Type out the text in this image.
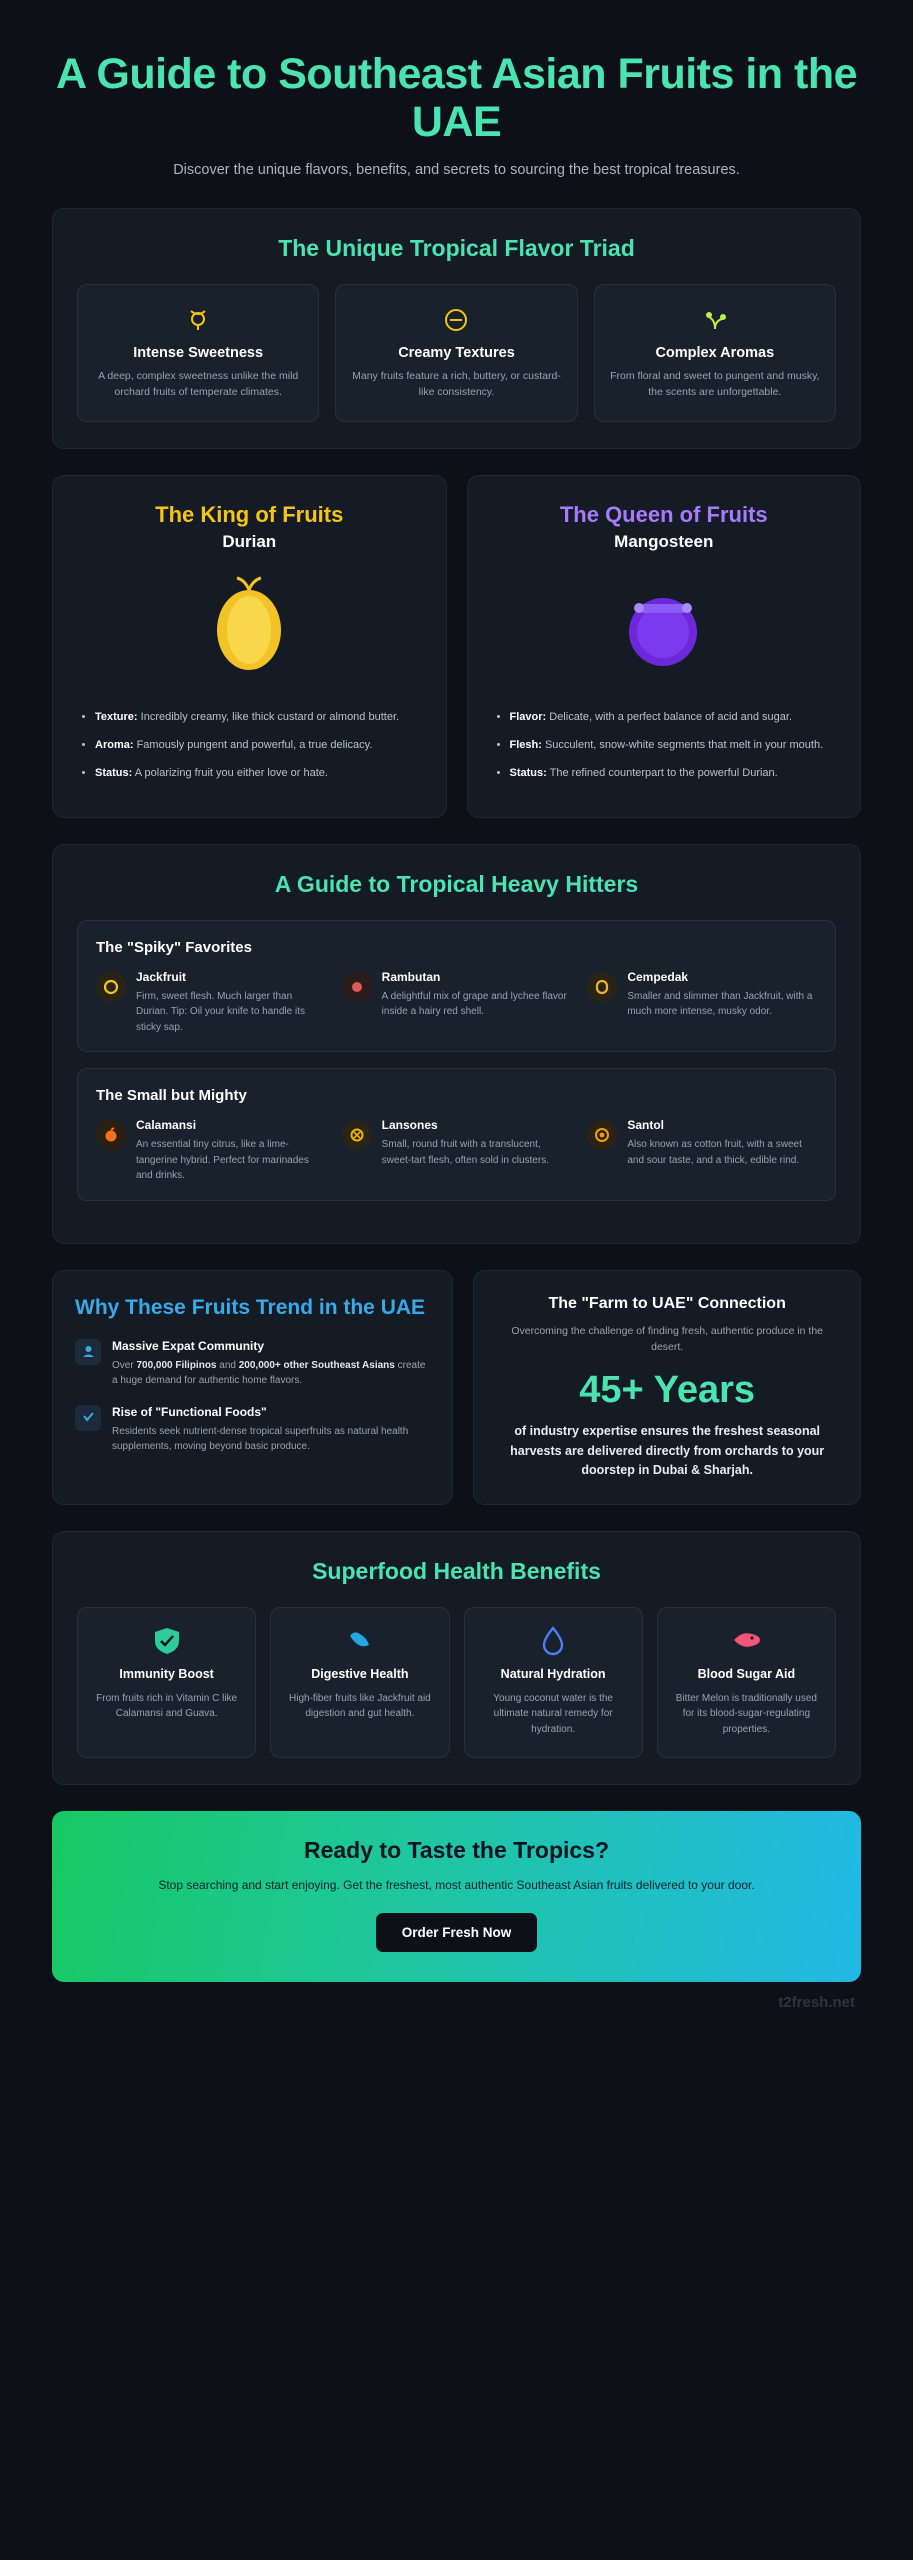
A Guide to Southeast Asian Fruits in the UAE

Discover the unique flavors, benefits, and secrets to sourcing the best tropical treasures.

The Unique Tropical Flavor Triad
Intense Sweetness

A deep, complex sweetness unlike the mild orchard fruits of temperate climates.

Creamy Textures

Many fruits feature a rich, buttery, or custard-like consistency.

Complex Aromas

From floral and sweet to pungent and musky, the scents are unforgettable.

The King of Fruits
Durian
• Texture: Incredibly creamy, like thick custard or almond butter.
• Aroma: Famously pungent and powerful, a true delicacy.
• Status: A polarizing fruit you either love or hate.
The Queen of Fruits
Mangosteen
• Flavor: Delicate, with a perfect balance of acid and sugar.
• Flesh: Succulent, snow-white segments that melt in your mouth.
• Status: The refined counterpart to the powerful Durian.
A Guide to Tropical Heavy Hitters
The "Spiky" Favorites
Jackfruit

Firm, sweet flesh. Much larger than Durian. Tip: Oil your knife to handle its sticky sap.

Rambutan

A delightful mix of grape and lychee flavor inside a hairy red shell.

Cempedak

Smaller and slimmer than Jackfruit, with a much more intense, musky odor.

The Small but Mighty
Calamansi

An essential tiny citrus, like a lime-tangerine hybrid. Perfect for marinades and drinks.

Lansones

Small, round fruit with a translucent, sweet-tart flesh, often sold in clusters.

Santol

Also known as cotton fruit, with a sweet and sour taste, and a thick, edible rind.

Why These Fruits Trend in the UAE
Massive Expat Community

Over 700,000 Filipinos and 200,000+ other Southeast Asians create a huge demand for authentic home flavors.

Rise of "Functional Foods"

Residents seek nutrient-dense tropical superfruits as natural health supplements, moving beyond basic produce.

The "Farm to UAE" Connection

Overcoming the challenge of finding fresh, authentic produce in the desert.

45+ Years
of industry expertise ensures the freshest seasonal harvests are delivered directly from orchards to your doorstep in Dubai & Sharjah.
Superfood Health Benefits
Immunity Boost

From fruits rich in Vitamin C like Calamansi and Guava.

Digestive Health

High-fiber fruits like Jackfruit aid digestion and gut health.

Natural Hydration

Young coconut water is the ultimate natural remedy for hydration.

Blood Sugar Aid

Bitter Melon is traditionally used for its blood-sugar-regulating properties.

Ready to Taste the Tropics?

Stop searching and start enjoying. Get the freshest, most authentic Southeast Asian fruits delivered to your door.

Order Fresh Now
t2fresh.net
